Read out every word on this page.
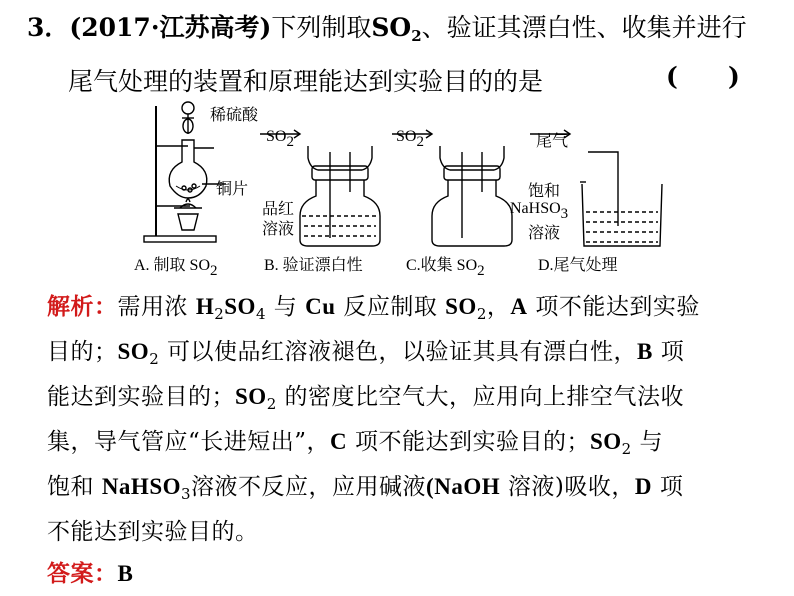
3．(2017·江苏高考)下列制取$SO_2$、验证其漂白性、收集并进行
尾气处理的装置和原理能达到实验目的的是	( )
稀硫酸
铜片
$SO_2$
品红
溶液
$SO_2$	尾气
饱和
NaHSO$_3$
溶液
A. 制取 $SO_2$	B. 验证漂白性	C.收集 $SO_2$	D.尾气处理
解析：需用浓 $H_2SO_4$ 与 Cu 反应制取 $SO_2$，A 项不能达到实验
目的；$SO_2$ 可以使品红溶液褪色，以验证其具有漂白性，B 项
能达到实验目的；$SO_2$ 的密度比空气大，应用向上排空气法收
集，导气管应“长进短出”，C 项不能达到实验目的；$SO_2$ 与
饱和 NaHSO$_3$溶液不反应，应用碱液(NaOH 溶液)吸收，D 项
不能达到实验目的。
答案：B
